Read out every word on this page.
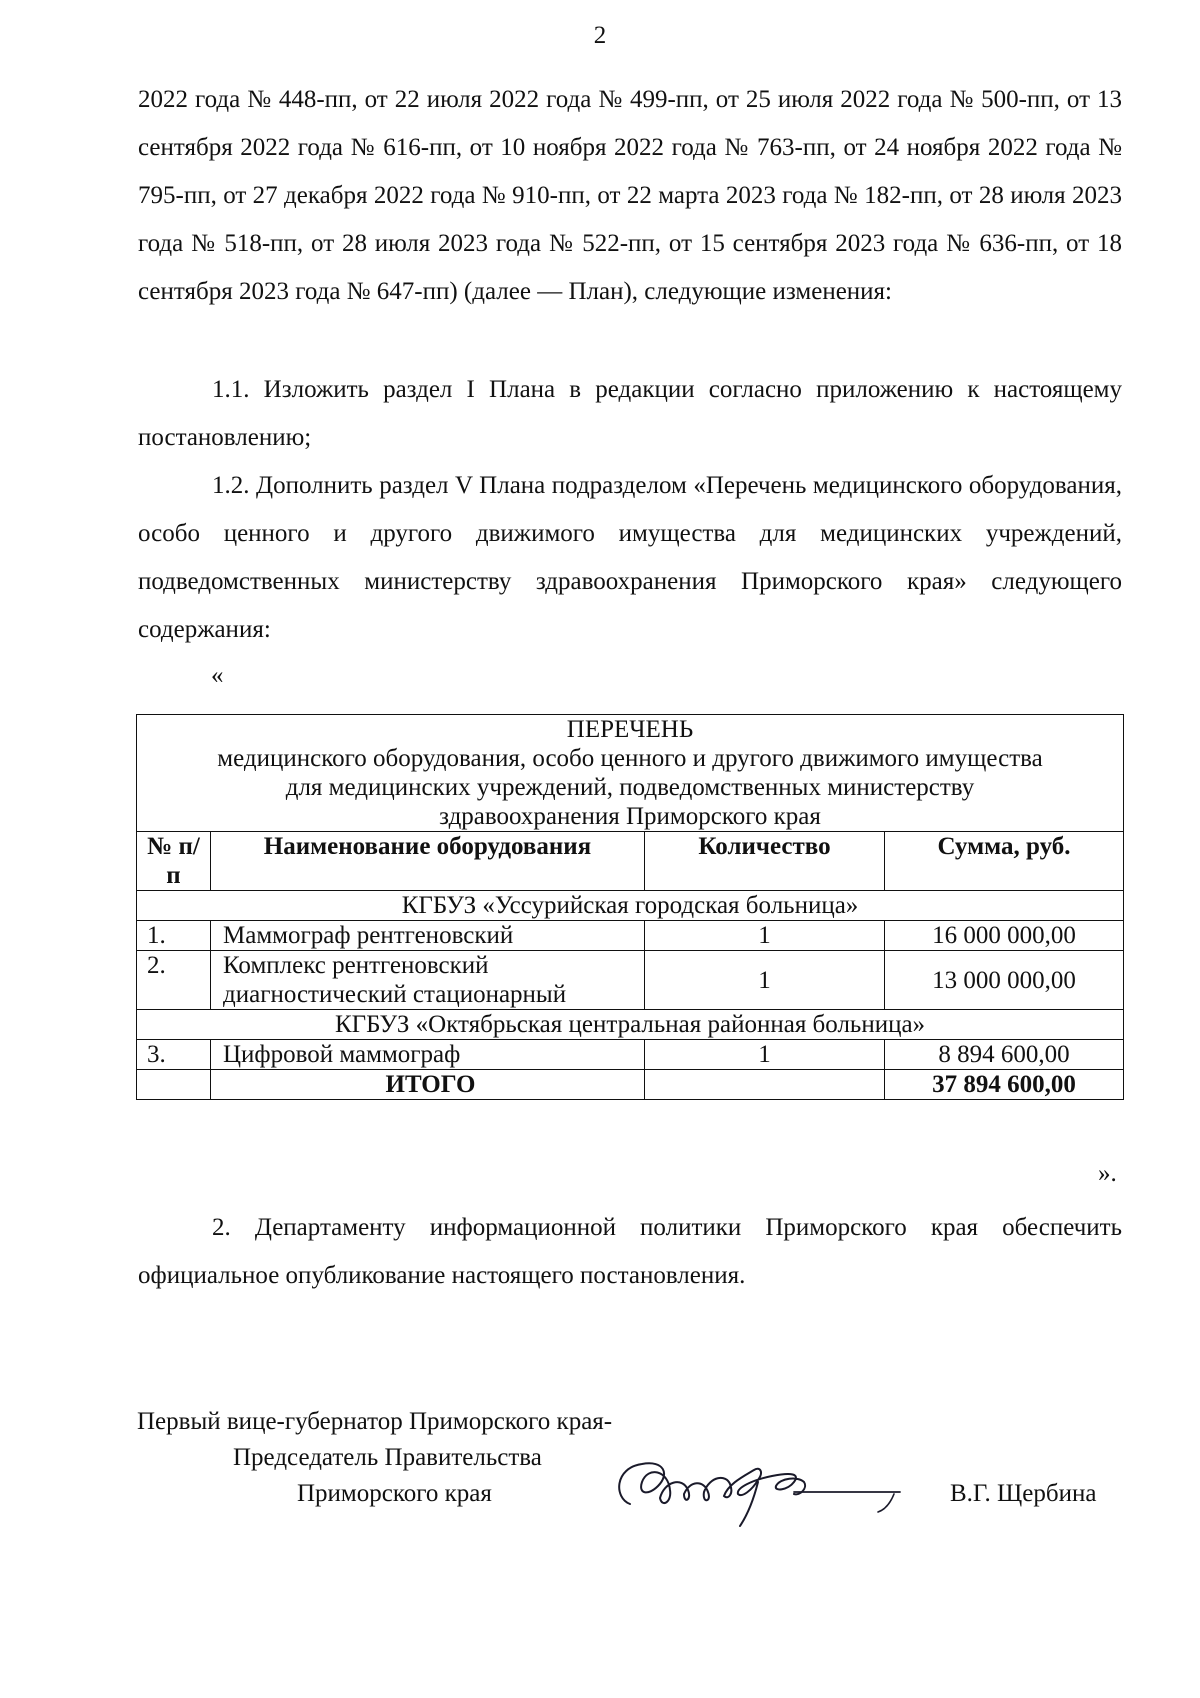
2

2022 года № 448-пп, от 22 июля 2022 года № 499-пп, от 25 июля 2022 года № 500-пп, от 13 сентября 2022 года № 616-пп, от 10 ноября 2022 года № 763-пп, от 24 ноября 2022 года № 795-пп, от 27 декабря 2022 года № 910-пп, от 22 марта 2023 года № 182-пп, от 28 июля 2023 года № 518-пп, от 28 июля 2023 года № 522-пп, от 15 сентября 2023 года № 636-пп, от 18 сентября 2023 года № 647-пп) (далее — План), следующие изменения:

1.1. Изложить раздел I Плана в редакции согласно приложению к настоящему постановлению;

1.2. Дополнить раздел V Плана подразделом «Перечень медицинского оборудования, особо ценного и другого движимого имущества для медицинских учреждений, подведомственных министерству здравоохранения Приморского края» следующего содержания:

«
ПЕРЕЧЕНЬ
медицинского оборудования, особо ценного и другого движимого имущества
для медицинских учреждений, подведомственных министерству
здравоохранения Приморского края			

№ п/п	Наименование оборудования	Количество	Сумма, руб.
КГБУЗ «Уссурийская городская больница»			
1.	Маммограф рентгеновский	1	16 000 000,00
2.	Комплекс рентгеновский диагностический стационарный	1	13 000 000,00
КГБУЗ «Октябрьская центральная районная больница»			
3.	Цифровой маммограф	1	8 894 600,00
	ИТОГО		37 894 600,00
».

2. Департаменту информационной политики Приморского края обеспечить официальное опубликование настоящего постановления.

Первый вице-губернатор Приморского края-
Председатель Правительства
Приморского края	В.Г. Щербина
